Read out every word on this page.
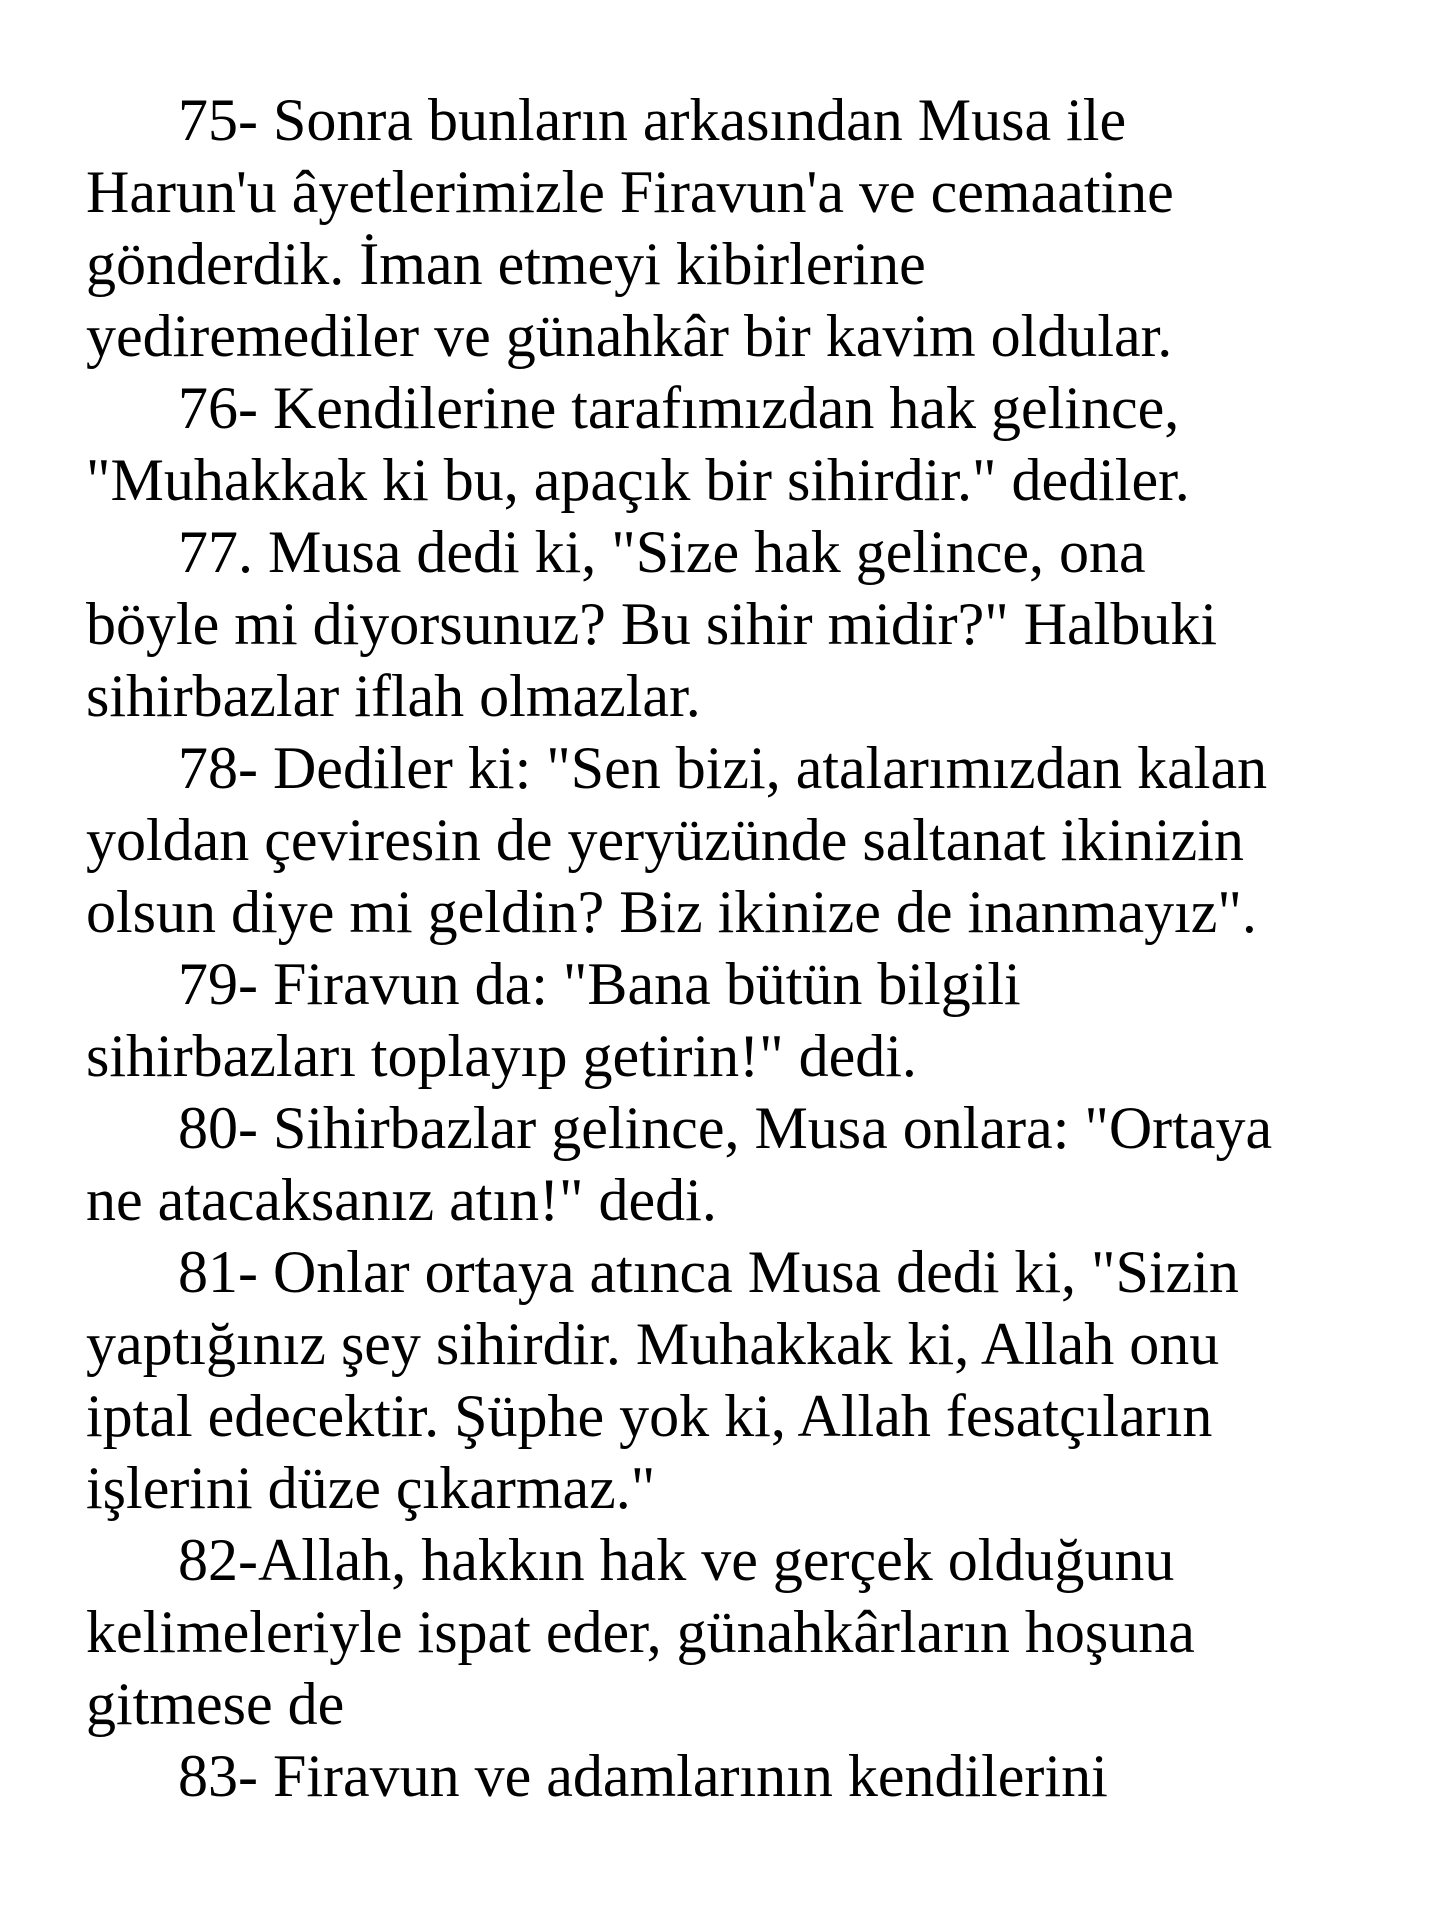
75- Sonra bunların arkasından Musa ile
Harun'u âyetlerimizle Firavun'a ve cemaatine
gönderdik. İman etmeyi kibirlerine
yediremediler ve günahkâr bir kavim oldular.
76- Kendilerine tarafımızdan hak gelince,
"Muhakkak ki bu, apaçık bir sihirdir." dediler.
77. Musa dedi ki, "Size hak gelince, ona
böyle mi diyorsunuz? Bu sihir midir?" Halbuki
sihirbazlar iflah olmazlar.
78- Dediler ki: "Sen bizi, atalarımızdan kalan
yoldan çeviresin de yeryüzünde saltanat ikinizin
olsun diye mi geldin? Biz ikinize de inanmayız".
79- Firavun da: "Bana bütün bilgili
sihirbazları toplayıp getirin!" dedi.
80- Sihirbazlar gelince, Musa onlara: "Ortaya
ne atacaksanız atın!" dedi.
81- Onlar ortaya atınca Musa dedi ki, "Sizin
yaptığınız şey sihirdir. Muhakkak ki, Allah onu
iptal edecektir. Şüphe yok ki, Allah fesatçıların
işlerini düze çıkarmaz."
82-Allah, hakkın hak ve gerçek olduğunu
kelimeleriyle ispat eder, günahkârların hoşuna
gitmese de
83- Firavun ve adamlarının kendilerini
